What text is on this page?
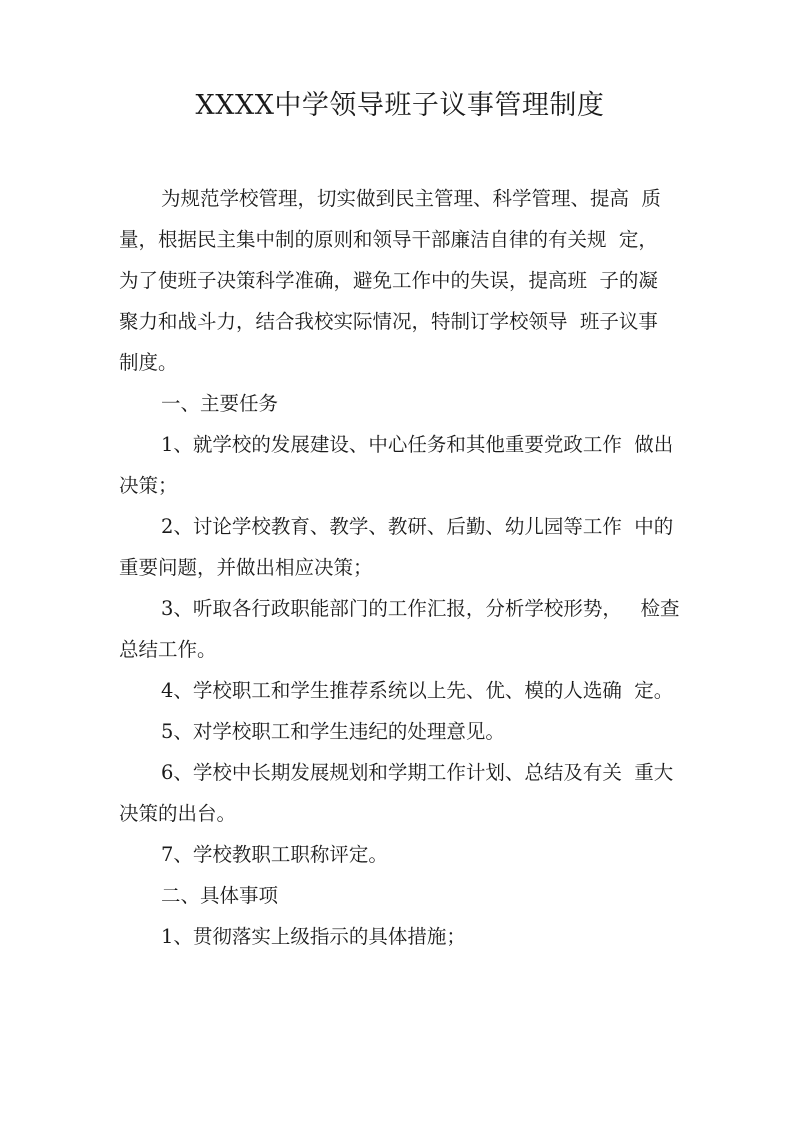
XXXX中学领导班子议事管理制度
为规范学校管理，切实做到民主管理、科学管理、提高  质
量，根据民主集中制的原则和领导干部廉洁自律的有关规  定，
为了使班子决策科学准确，避免工作中的失误，提高班  子的凝
聚力和战斗力，结合我校实际情况，特制订学校领导  班子议事
制度。
一、主要任务
1、就学校的发展建设、中心任务和其他重要党政工作  做出
决策；
2、讨论学校教育、教学、教研、后勤、幼儿园等工作  中的
重要问题，并做出相应决策；
3、听取各行政职能部门的工作汇报，分析学校形势，   检查
总结工作。
4、学校职工和学生推荐系统以上先、优、模的人选确  定。
5、对学校职工和学生违纪的处理意见。
6、学校中长期发展规划和学期工作计划、总结及有关  重大
决策的出台。
7、学校教职工职称评定。
二、具体事项
1、贯彻落实上级指示的具体措施；
